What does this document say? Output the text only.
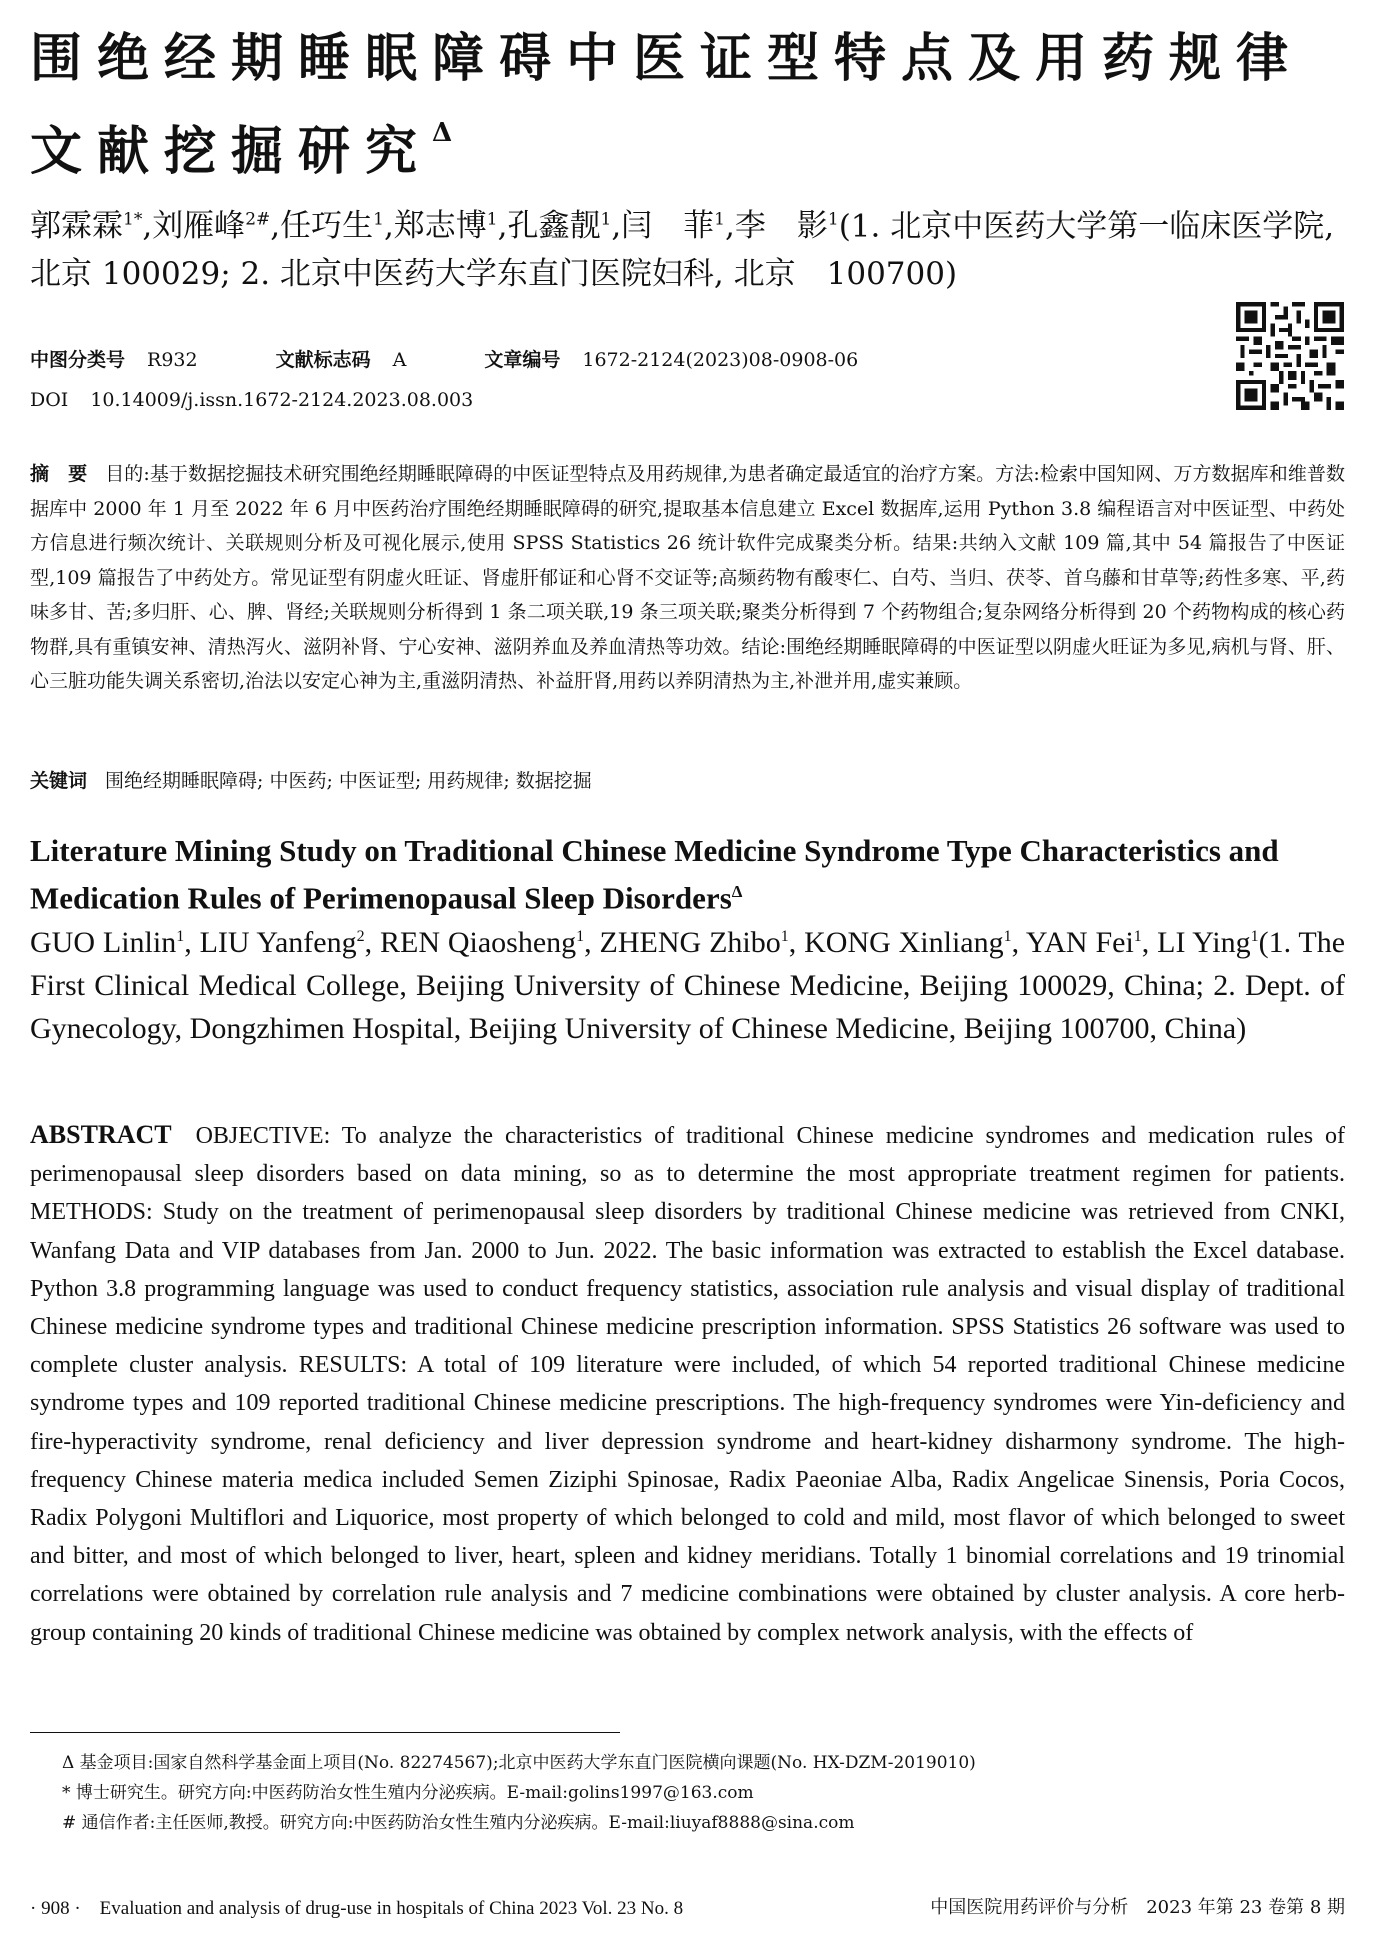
围绝经期睡眠障碍中医证型特点及用药规律文献挖掘研究$^\Delta$

郭霖霖$^{1*}$,刘雁峰$^{2\#}$,任巧生$^1$,郑志博$^1$,孔鑫靓$^1$,闫　菲$^1$,李　影$^1$(1. 北京中医药大学第一临床医学院, 北京 100029; 2. 北京中医药大学东直门医院妇科, 北京　100700)

中图分类号 R932	文献标志码 A	文章编号 1672-2124(2023)08-0908-06
DOI 10.14009/j.issn.1672-2124.2023.08.003

摘　要 目的:基于数据挖掘技术研究围绝经期睡眠障碍的中医证型特点及用药规律,为患者确定最适宜的治疗方案。方法:检索中国知网、万方数据库和维普数据库中 2000 年 1 月至 2022 年 6 月中医药治疗围绝经期睡眠障碍的研究,提取基本信息建立 Excel 数据库,运用 Python 3.8 编程语言对中医证型、中药处方信息进行频次统计、关联规则分析及可视化展示,使用 SPSS Statistics 26 统计软件完成聚类分析。结果:共纳入文献 109 篇,其中 54 篇报告了中医证型,109 篇报告了中药处方。常见证型有阴虚火旺证、肾虚肝郁证和心肾不交证等;高频药物有酸枣仁、白芍、当归、茯苓、首乌藤和甘草等;药性多寒、平,药味多甘、苦;多归肝、心、脾、肾经;关联规则分析得到 1 条二项关联,19 条三项关联;聚类分析得到 7 个药物组合;复杂网络分析得到 20 个药物构成的核心药物群,具有重镇安神、清热泻火、滋阴补肾、宁心安神、滋阴养血及养血清热等功效。结论:围绝经期睡眠障碍的中医证型以阴虚火旺证为多见,病机与肾、肝、心三脏功能失调关系密切,治法以安定心神为主,重滋阴清热、补益肝肾,用药以养阴清热为主,补泄并用,虚实兼顾。

关键词 围绝经期睡眠障碍; 中医药; 中医证型; 用药规律; 数据挖掘

Literature Mining Study on Traditional Chinese Medicine Syndrome Type Characteristics and Medication Rules of Perimenopausal Sleep Disorders$^\Delta$

GUO Linlin$^1$, LIU Yanfeng$^2$, REN Qiaosheng$^1$, ZHENG Zhibo$^1$, KONG Xinliang$^1$, YAN Fei$^1$, LI Ying$^1$(1. The First Clinical Medical College, Beijing University of Chinese Medicine, Beijing 100029, China; 2. Dept. of Gynecology, Dongzhimen Hospital, Beijing University of Chinese Medicine, Beijing 100700, China)

ABSTRACT OBJECTIVE: To analyze the characteristics of traditional Chinese medicine syndromes and medication rules of perimenopausal sleep disorders based on data mining, so as to determine the most appropriate treatment regimen for patients. METHODS: Study on the treatment of perimenopausal sleep disorders by traditional Chinese medicine was retrieved from CNKI, Wanfang Data and VIP databases from Jan. 2000 to Jun. 2022. The basic information was extracted to establish the Excel database. Python 3.8 programming language was used to conduct frequency statistics, association rule analysis and visual display of traditional Chinese medicine syndrome types and traditional Chinese medicine prescription information. SPSS Statistics 26 software was used to complete cluster analysis. RESULTS: A total of 109 literature were included, of which 54 reported traditional Chinese medicine syndrome types and 109 reported traditional Chinese medicine prescriptions. The high-frequency syndromes were Yin-deficiency and fire-hyperactivity syndrome, renal deficiency and liver depression syndrome and heart-kidney disharmony syndrome. The high-frequency Chinese materia medica included Semen Ziziphi Spinosae, Radix Paeoniae Alba, Radix Angelicae Sinensis, Poria Cocos, Radix Polygoni Multiflori and Liquorice, most property of which belonged to cold and mild, most flavor of which belonged to sweet and bitter, and most of which belonged to liver, heart, spleen and kidney meridians. Totally 1 binomial correlations and 19 trinomial correlations were obtained by correlation rule analysis and 7 medicine combinations were obtained by cluster analysis. A core herb-group containing 20 kinds of traditional Chinese medicine was obtained by complex network analysis, with the effects of

Δ 基金项目:国家自然科学基金面上项目(No. 82274567);北京中医药大学东直门医院横向课题(No. HX-DZM-2019010)

* 博士研究生。研究方向:中医药防治女性生殖内分泌疾病。E-mail:golins1997@163.com

# 通信作者:主任医师,教授。研究方向:中医药防治女性生殖内分泌疾病。E-mail:liuyaf8888@sina.com

· 908 ·　Evaluation and analysis of drug-use in hospitals of China 2023 Vol. 23 No. 8	中国医院用药评价与分析　2023 年第 23 卷第 8 期
